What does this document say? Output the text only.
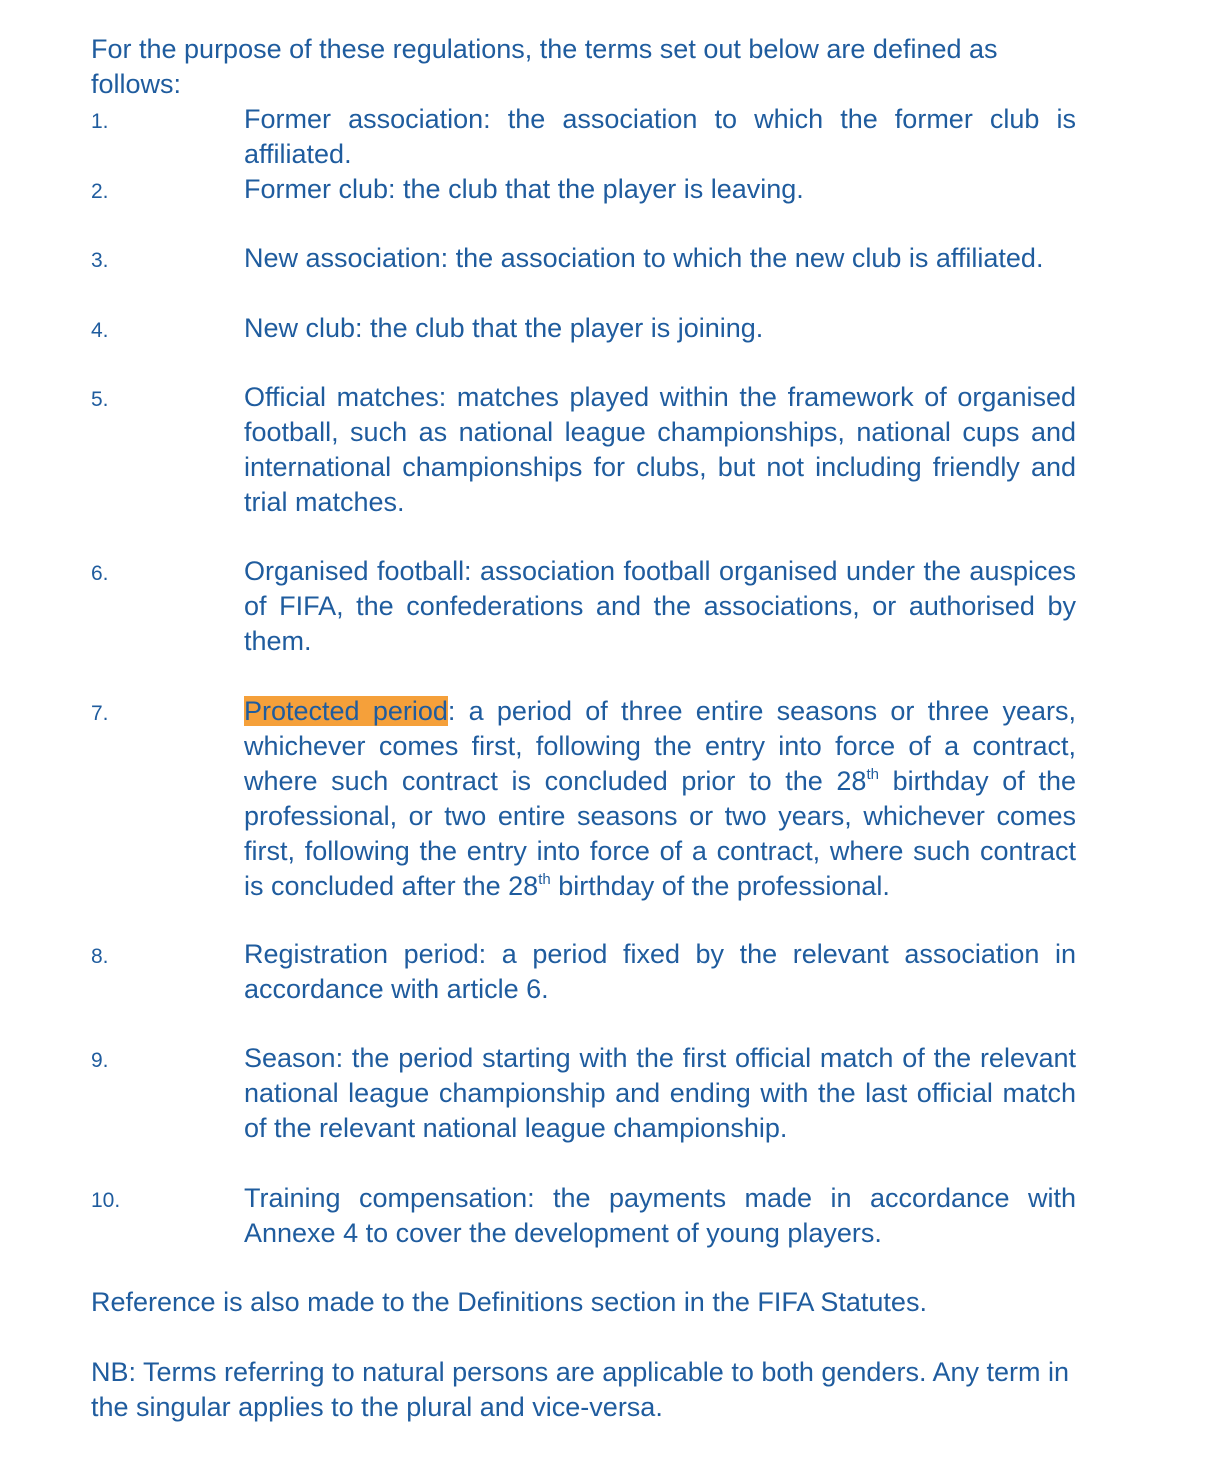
For the purpose of these regulations, the terms set out below are defined as follows:

1.	Former association: the association to which the former club is affiliated.

2.	Former club: the club that the player is leaving.

3.	New association: the association to which the new club is affiliated.

4.	New club: the club that the player is joining.

5.	Official matches: matches played within the framework of organised football, such as national league championships, national cups and international championships for clubs, but not including friendly and trial matches.

6.	Organised football: association football organised under the auspices of FIFA, the confederations and the associations, or authorised by them.

7.	Protected period: a period of three entire seasons or three years, whichever comes first, following the entry into force of a contract, where such contract is concluded prior to the 28th birthday of the professional, or two entire seasons or two years, whichever comes first, following the entry into force of a contract, where such contract is concluded after the 28th birthday of the professional.

8.	Registration period: a period fixed by the relevant association in accordance with article 6.

9.	Season: the period starting with the first official match of the relevant national league championship and ending with the last official match of the relevant national league championship.

10.	Training compensation: the payments made in accordance with Annexe 4 to cover the development of young players.

Reference is also made to the Definitions section in the FIFA Statutes.

NB: Terms referring to natural persons are applicable to both genders. Any term in the singular applies to the plural and vice-versa.
